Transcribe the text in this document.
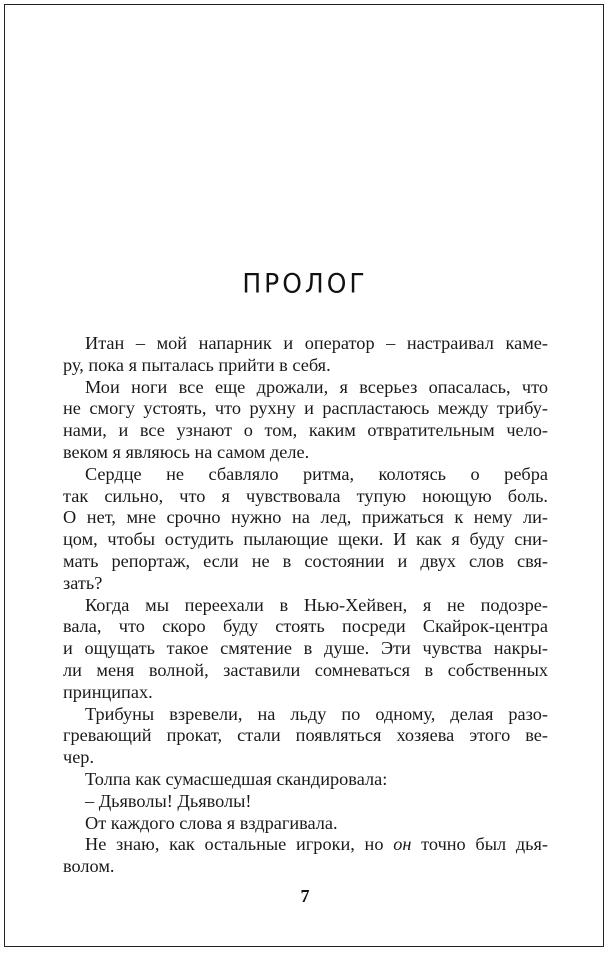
ПРОЛОГ
Итан – мой напарник и оператор – настраивал каме-
ру, пока я пыталась прийти в себя.
Мои ноги все еще дрожали, я всерьез опасалась, что
не смогу устоять, что рухну и распластаюсь между трибу-
нами, и все узнают о том, каким отвратительным чело-
веком я являюсь на самом деле.
Сердце не сбавляло ритма, колотясь о ребра
так сильно, что я чувствовала тупую ноющую боль.
О нет, мне срочно нужно на лед, прижаться к нему ли-
цом, чтобы остудить пылающие щеки. И как я буду сни-
мать репортаж, если не в состоянии и двух слов свя-
зать?
Когда мы переехали в Нью-Хейвен, я не подозре-
вала, что скоро буду стоять посреди Скайрок-центра
и ощущать такое смятение в душе. Эти чувства накры-
ли меня волной, заставили сомневаться в собственных
принципах.
Трибуны взревели, на льду по одному, делая разо-
гревающий прокат, стали появляться хозяева этого ве-
чер.
Толпа как сумасшедшая скандировала:
– Дьяволы! Дьяволы!
От каждого слова я вздрагивала.
Не знаю, как остальные игроки, но он точно был дья-
волом.
7
